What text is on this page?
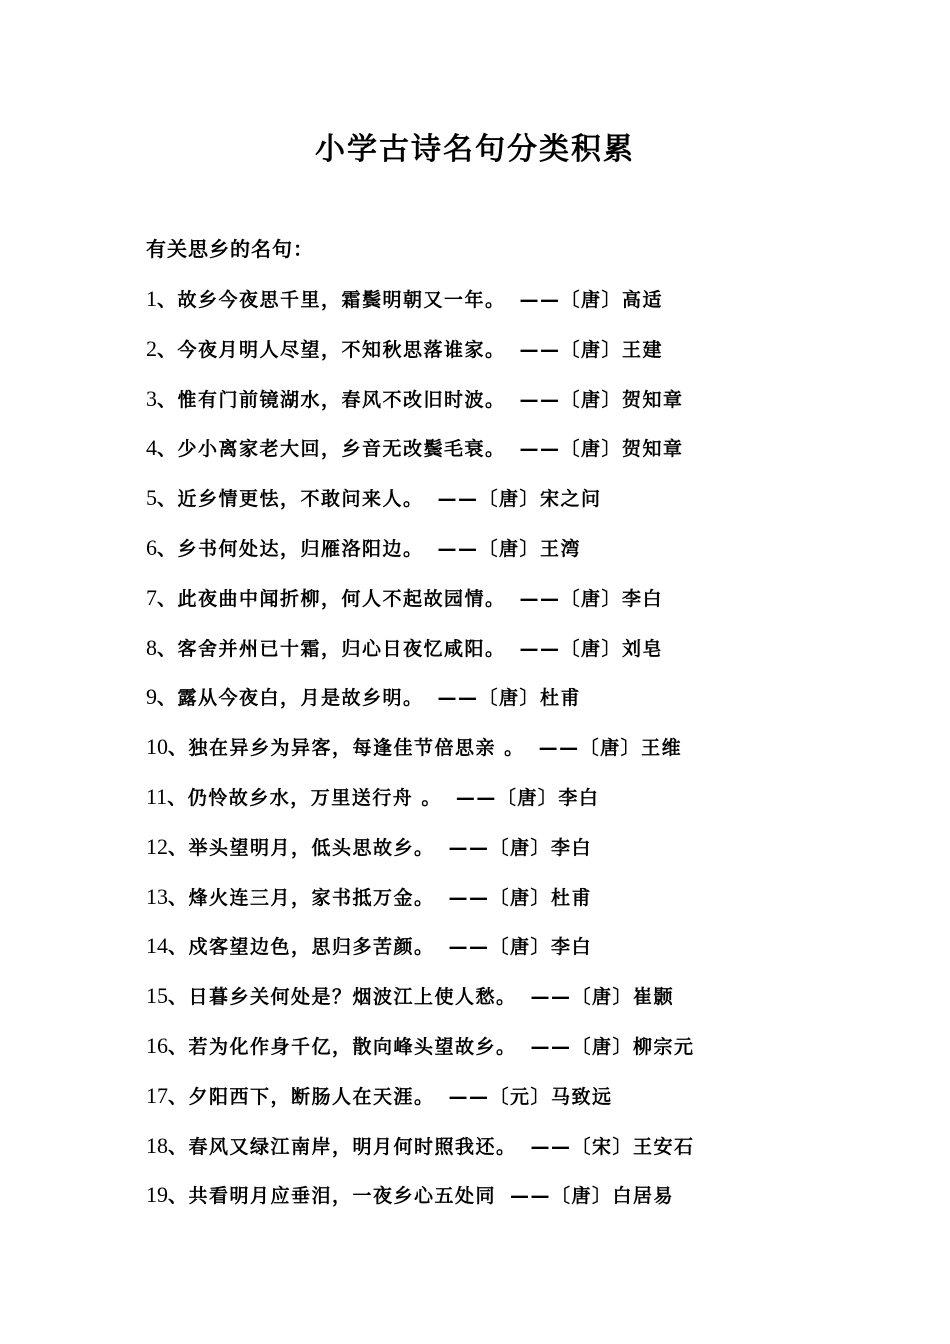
小学古诗名句分类积累
有关思乡的名句：
1、故乡今夜思千里，霜鬓明朝又一年。 ——〔唐〕高适
2、今夜月明人尽望，不知秋思落谁家。 ——〔唐〕王建
3、惟有门前镜湖水，春风不改旧时波。 ——〔唐〕贺知章
4、少小离家老大回，乡音无改鬓毛衰。 ——〔唐〕贺知章
5、近乡情更怯，不敢问来人。 ——〔唐〕宋之问
6、乡书何处达，归雁洛阳边。 ——〔唐〕王湾
7、此夜曲中闻折柳，何人不起故园情。 ——〔唐〕李白
8、客舍并州已十霜，归心日夜忆咸阳。 ——〔唐〕刘皂
9、露从今夜白，月是故乡明。 ——〔唐〕杜甫
10、独在异乡为异客，每逢佳节倍思亲 。 ——〔唐〕王维
11、仍怜故乡水，万里送行舟 。 ——〔唐〕李白
12、举头望明月，低头思故乡。 ——〔唐〕李白
13、烽火连三月，家书抵万金。 ——〔唐〕杜甫
14、戍客望边色，思归多苦颜。 ——〔唐〕李白
15、日暮乡关何处是？烟波江上使人愁。 ——〔唐〕崔颢
16、若为化作身千亿，散向峰头望故乡。 ——〔唐〕柳宗元
17、夕阳西下，断肠人在天涯。 ——〔元〕马致远
18、春风又绿江南岸，明月何时照我还。 ——〔宋〕王安石
19、共看明月应垂泪，一夜乡心五处同 ——〔唐〕白居易
